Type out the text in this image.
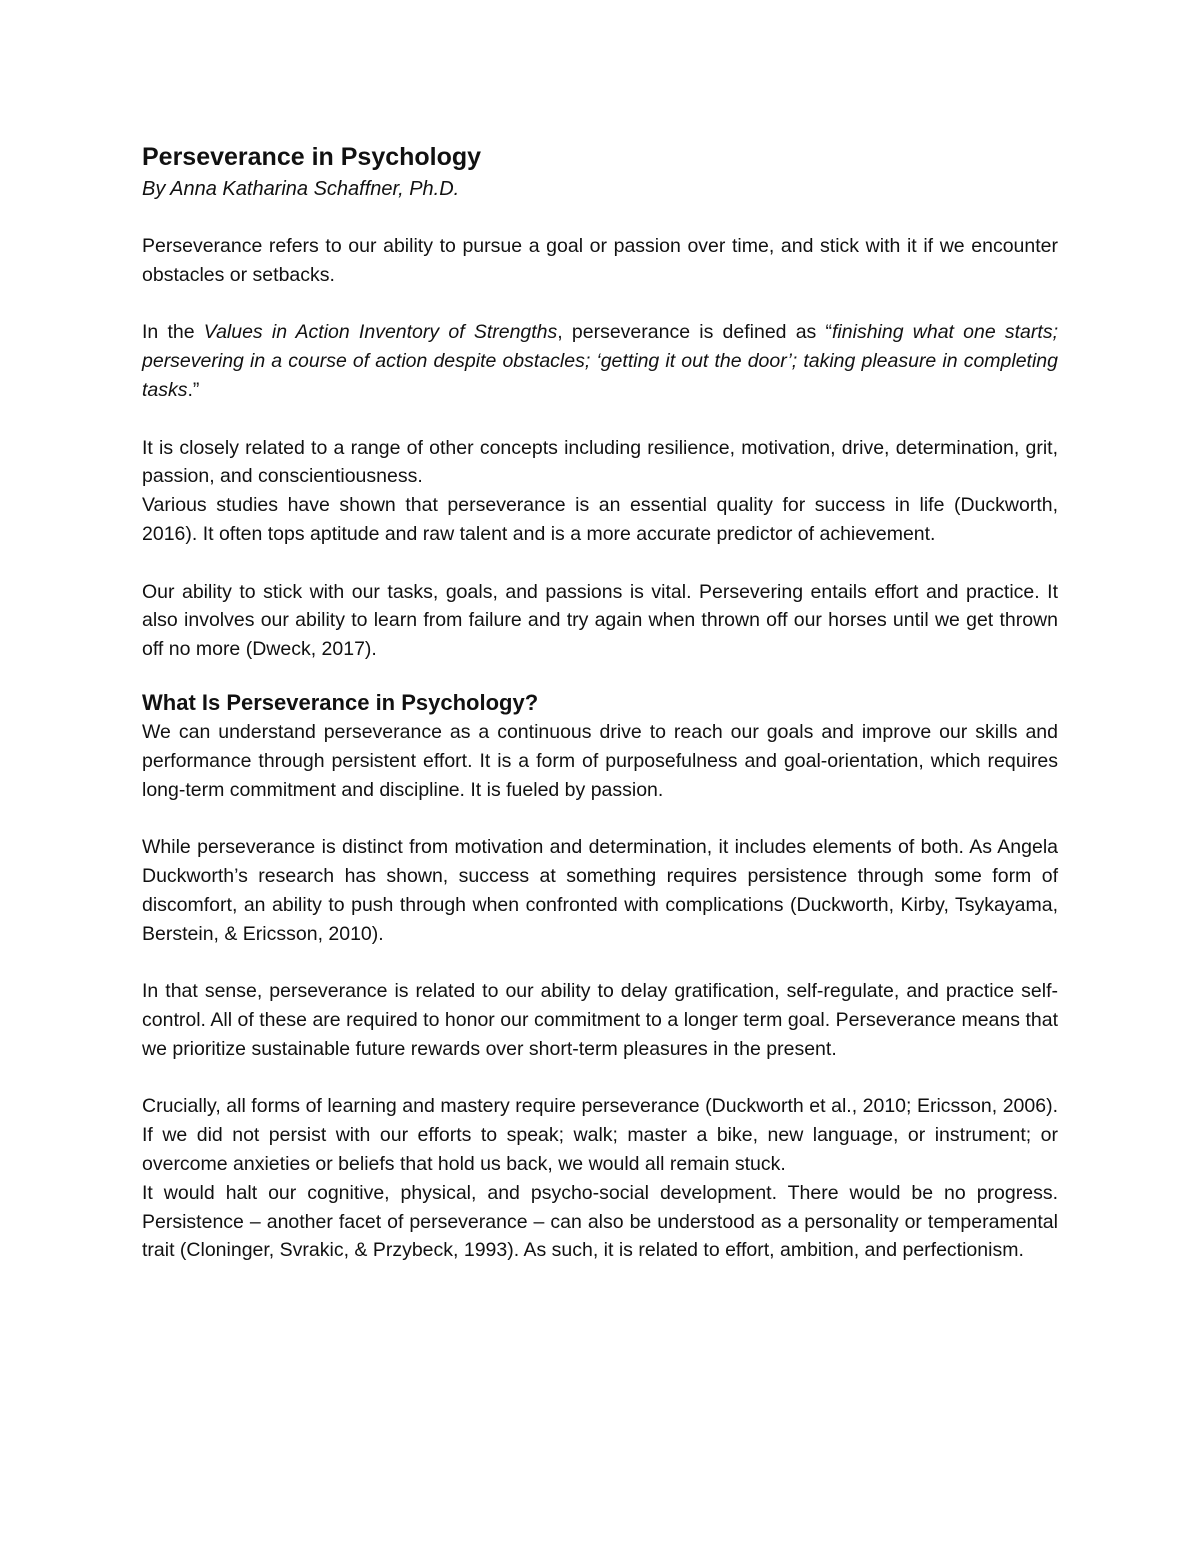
Perseverance in Psychology
By Anna Katharina Schaffner, Ph.D.

Perseverance refers to our ability to pursue a goal or passion over time, and stick with it if we encounter obstacles or setbacks.

In the Values in Action Inventory of Strengths, perseverance is defined as “finishing what one starts; persevering in a course of action despite obstacles; ‘getting it out the door’; taking pleasure in completing tasks.”

It is closely related to a range of other concepts including resilience, motivation, drive, determination, grit, passion, and conscientiousness.

Various studies have shown that perseverance is an essential quality for success in life (Duckworth, 2016). It often tops aptitude and raw talent and is a more accurate predictor of achievement.

Our ability to stick with our tasks, goals, and passions is vital. Persevering entails effort and practice. It also involves our ability to learn from failure and try again when thrown off our horses until we get thrown off no more (Dweck, 2017).

What Is Perseverance in Psychology?

We can understand perseverance as a continuous drive to reach our goals and improve our skills and performance through persistent effort. It is a form of purposefulness and goal-orientation, which requires long-term commitment and discipline. It is fueled by passion.

While perseverance is distinct from motivation and determination, it includes elements of both. As Angela Duckworth’s research has shown, success at something requires persistence through some form of discomfort, an ability to push through when confronted with complications (Duckworth, Kirby, Tsykayama, Berstein, & Ericsson, 2010).

In that sense, perseverance is related to our ability to delay gratification, self-regulate, and practice self-control. All of these are required to honor our commitment to a longer term goal. Perseverance means that we prioritize sustainable future rewards over short-term pleasures in the present.

Crucially, all forms of learning and mastery require perseverance (Duckworth et al., 2010; Ericsson, 2006). If we did not persist with our efforts to speak; walk; master a bike, new language, or instrument; or overcome anxieties or beliefs that hold us back, we would all remain stuck.

It would halt our cognitive, physical, and psycho-social development. There would be no progress. Persistence – another facet of perseverance – can also be understood as a personality or temperamental trait (Cloninger, Svrakic, & Przybeck, 1993). As such, it is related to effort, ambition, and perfectionism.
